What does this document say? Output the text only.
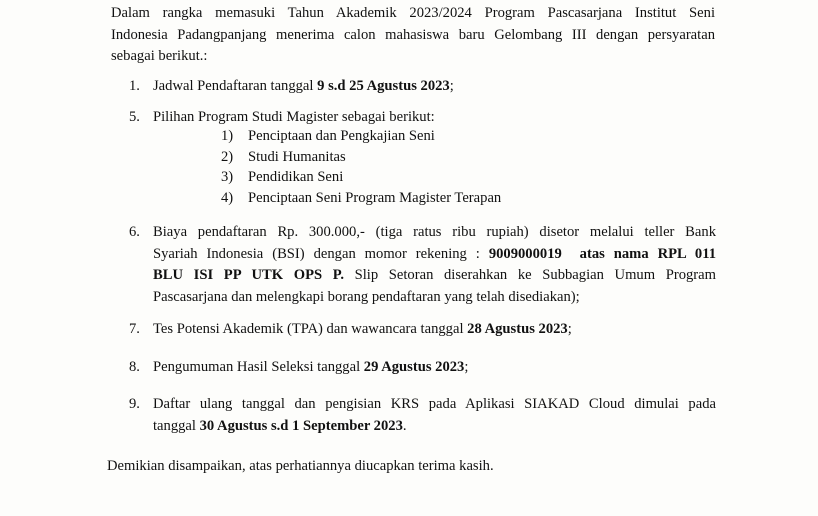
Dalam rangka memasuki Tahun Akademik 2023/2024 Program Pascasarjana Institut Seni
Indonesia Padangpanjang menerima calon mahasiswa baru Gelombang III dengan persyaratan
sebagai berikut.:
1. Jadwal Pendaftaran tanggal 9 s.d 25 Agustus 2023;
5. Pilihan Program Studi Magister sebagai berikut:
1) Penciptaan dan Pengkajian Seni
2) Studi Humanitas
3) Pendidikan Seni
4) Penciptaan Seni Program Magister Terapan
6. Biaya pendaftaran Rp. 300.000,- (tiga ratus ribu rupiah) disetor melalui teller Bank
Syariah Indonesia (BSI) dengan momor rekening : 9009000019  atas nama RPL 011
BLU ISI PP UTK OPS P. Slip Setoran diserahkan ke Subbagian Umum Program
Pascasarjana dan melengkapi borang pendaftaran yang telah disediakan);
7. Tes Potensi Akademik (TPA) dan wawancara tanggal 28 Agustus 2023;
8. Pengumuman Hasil Seleksi tanggal 29 Agustus 2023;
9. Daftar ulang tanggal dan pengisian KRS pada Aplikasi SIAKAD Cloud dimulai pada
tanggal 30 Agustus s.d 1 September 2023.
Demikian disampaikan, atas perhatiannya diucapkan terima kasih.
